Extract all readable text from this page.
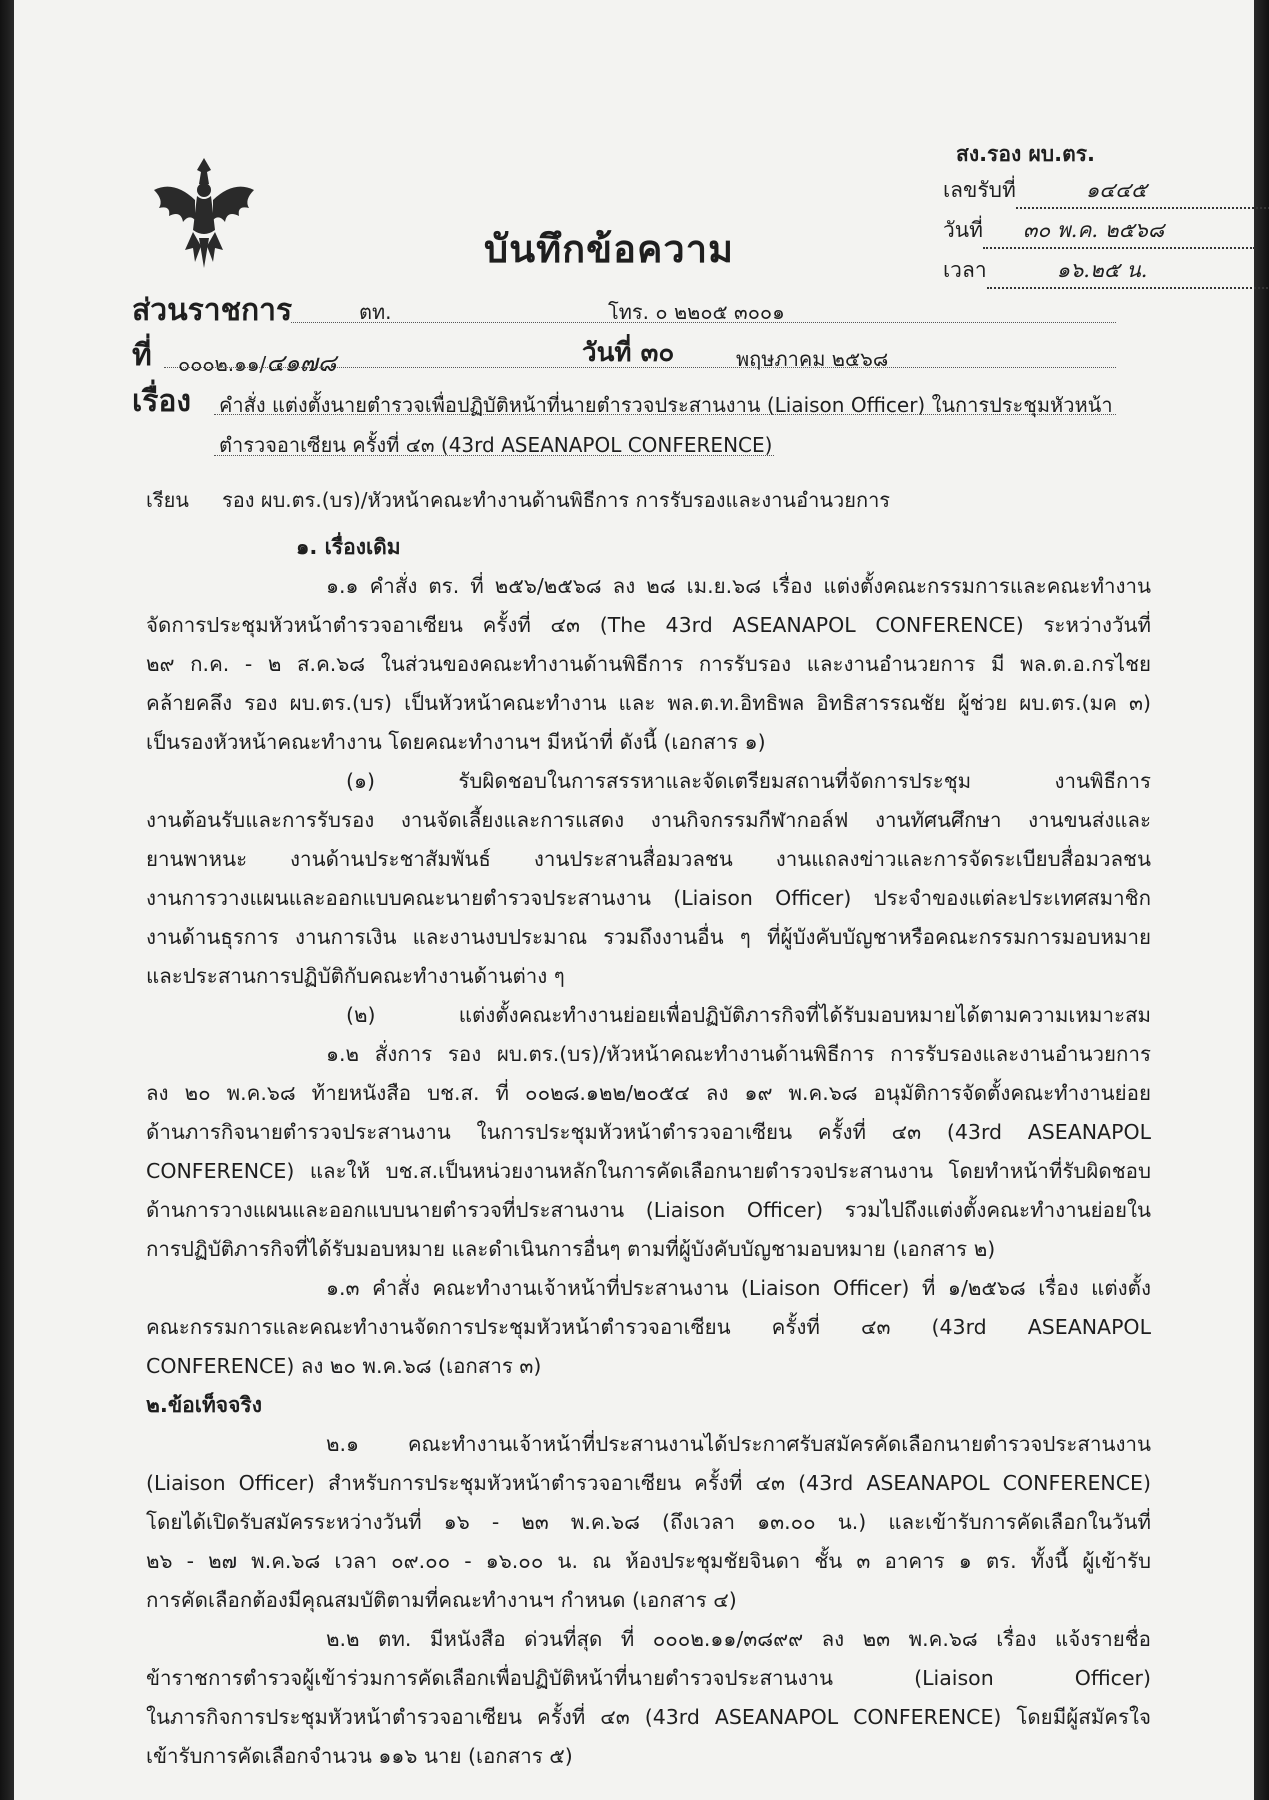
บันทึกข้อความ
สง.รอง ผบ.ตร.
เลขรับที่	๑๔๔๕
วันที่ ๓๐ พ.ค. ๒๕๖๘
เวลา	๑๖.๒๕ น.
ส่วนราชการ	ตท.	โทร. ๐ ๒๒๐๕ ๓๐๐๑
ที่ ๐๐๐๒.๑๑/๔๑๗๘	วันที่ ๓๐	พฤษภาคม ๒๕๖๘
เรื่อง คำสั่ง แต่งตั้งนายตำรวจเพื่อปฏิบัติหน้าที่นายตำรวจประสานงาน (Liaison Officer) ในการประชุมหัวหน้า
ตำรวจอาเซียน ครั้งที่ ๔๓ (43rd ASEANAPOL CONFERENCE)
เรียน รอง ผบ.ตร.(บร)/หัวหน้าคณะทำงานด้านพิธีการ การรับรองและงานอำนวยการ
๑. เรื่องเดิม
๑.๑ คำสั่ง ตร. ที่ ๒๕๖/๒๕๖๘ ลง ๒๘ เม.ย.๖๘ เรื่อง แต่งตั้งคณะกรรมการและคณะทำงาน
จัดการประชุมหัวหน้าตำรวจอาเซียน ครั้งที่ ๔๓ (The 43rd ASEANAPOL CONFERENCE) ระหว่างวันที่
๒๙ ก.ค. - ๒ ส.ค.๖๘ ในส่วนของคณะทำงานด้านพิธีการ การรับรอง และงานอำนวยการ มี พล.ต.อ.กรไชย
คล้ายคลึง รอง ผบ.ตร.(บร) เป็นหัวหน้าคณะทำงาน และ พล.ต.ท.อิทธิพล อิทธิสารรณชัย ผู้ช่วย ผบ.ตร.(มค ๓)
เป็นรองหัวหน้าคณะทำงาน โดยคณะทำงานฯ มีหน้าที่ ดังนี้ (เอกสาร ๑)
(๑) รับผิดชอบในการสรรหาและจัดเตรียมสถานที่จัดการประชุม งานพิธีการ
งานต้อนรับและการรับรอง งานจัดเลี้ยงและการแสดง งานกิจกรรมกีฬากอล์ฟ งานทัศนศึกษา งานขนส่งและ
ยานพาหนะ งานด้านประชาสัมพันธ์ งานประสานสื่อมวลชน งานแถลงข่าวและการจัดระเบียบสื่อมวลชน
งานการวางแผนและออกแบบคณะนายตำรวจประสานงาน (Liaison Officer) ประจำของแต่ละประเทศสมาชิก
งานด้านธุรการ งานการเงิน และงานงบประมาณ รวมถึงงานอื่น ๆ ที่ผู้บังคับบัญชาหรือคณะกรรมการมอบหมาย
และประสานการปฏิบัติกับคณะทำงานด้านต่าง ๆ
(๒) แต่งตั้งคณะทำงานย่อยเพื่อปฏิบัติภารกิจที่ได้รับมอบหมายได้ตามความเหมาะสม
๑.๒ สั่งการ รอง ผบ.ตร.(บร)/หัวหน้าคณะทำงานด้านพิธีการ การรับรองและงานอำนวยการ
ลง ๒๐ พ.ค.๖๘ ท้ายหนังสือ บช.ส. ที่ ๐๐๒๘.๑๒๒/๒๐๕๔ ลง ๑๙ พ.ค.๖๘ อนุมัติการจัดตั้งคณะทำงานย่อย
ด้านภารกิจนายตำรวจประสานงาน ในการประชุมหัวหน้าตำรวจอาเซียน ครั้งที่ ๔๓ (43rd ASEANAPOL
CONFERENCE) และให้ บช.ส.เป็นหน่วยงานหลักในการคัดเลือกนายตำรวจประสานงาน โดยทำหน้าที่รับผิดชอบ
ด้านการวางแผนและออกแบบนายตำรวจที่ประสานงาน (Liaison Officer) รวมไปถึงแต่งตั้งคณะทำงานย่อยใน
การปฏิบัติภารกิจที่ได้รับมอบหมาย และดำเนินการอื่นๆ ตามที่ผู้บังคับบัญชามอบหมาย (เอกสาร ๒)
๑.๓ คำสั่ง คณะทำงานเจ้าหน้าที่ประสานงาน (Liaison Officer) ที่ ๑/๒๕๖๘ เรื่อง แต่งตั้ง
คณะกรรมการและคณะทำงานจัดการประชุมหัวหน้าตำรวจอาเซียน ครั้งที่ ๔๓ (43rd ASEANAPOL
CONFERENCE) ลง ๒๐ พ.ค.๖๘ (เอกสาร ๓)
๒.ข้อเท็จจริง
๒.๑ คณะทำงานเจ้าหน้าที่ประสานงานได้ประกาศรับสมัครคัดเลือกนายตำรวจประสานงาน
(Liaison Officer) สำหรับการประชุมหัวหน้าตำรวจอาเซียน ครั้งที่ ๔๓ (43rd ASEANAPOL CONFERENCE)
โดยได้เปิดรับสมัครระหว่างวันที่ ๑๖ - ๒๓ พ.ค.๖๘ (ถึงเวลา ๑๓.๐๐ น.) และเข้ารับการคัดเลือกในวันที่
๒๖ - ๒๗ พ.ค.๖๘ เวลา ๐๙.๐๐ - ๑๖.๐๐ น. ณ ห้องประชุมชัยจินดา ชั้น ๓ อาคาร ๑ ตร. ทั้งนี้ ผู้เข้ารับ
การคัดเลือกต้องมีคุณสมบัติตามที่คณะทำงานฯ กำหนด (เอกสาร ๔)
๒.๒ ตท. มีหนังสือ ด่วนที่สุด ที่ ๐๐๐๒.๑๑/๓๘๙๙ ลง ๒๓ พ.ค.๖๘ เรื่อง แจ้งรายชื่อ
ข้าราชการตำรวจผู้เข้าร่วมการคัดเลือกเพื่อปฏิบัติหน้าที่นายตำรวจประสานงาน (Liaison Officer)
ในภารกิจการประชุมหัวหน้าตำรวจอาเซียน ครั้งที่ ๔๓ (43rd ASEANAPOL CONFERENCE) โดยมีผู้สมัครใจ
เข้ารับการคัดเลือกจำนวน ๑๑๖ นาย (เอกสาร ๕)
